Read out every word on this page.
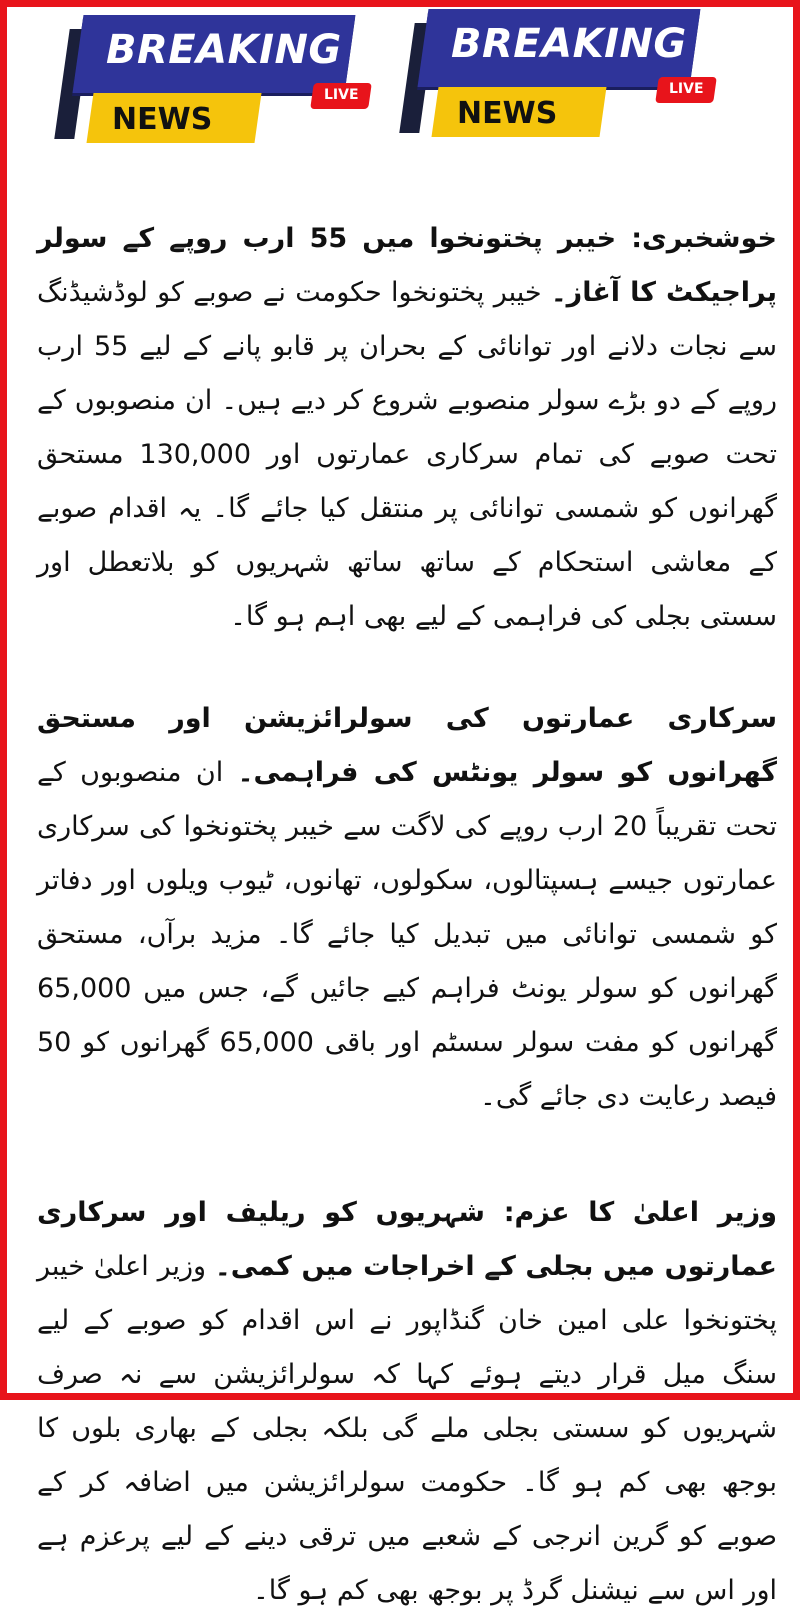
BREAKING
NEWS
LIVE
BREAKING
NEWS
LIVE

خوشخبری: خیبر پختونخوا میں 55 ارب روپے کے سولر پراجیکٹ کا آغاز۔ خیبر پختونخوا حکومت نے صوبے کو لوڈشیڈنگ سے نجات دلانے اور توانائی کے بحران پر قابو پانے کے لیے 55 ارب روپے کے دو بڑے سولر منصوبے شروع کر دیے ہیں۔ ان منصوبوں کے تحت صوبے کی تمام سرکاری عمارتوں اور 130,000 مستحق گھرانوں کو شمسی توانائی پر منتقل کیا جائے گا۔ یہ اقدام صوبے کے معاشی استحکام کے ساتھ ساتھ شہریوں کو بلاتعطل اور سستی بجلی کی فراہمی کے لیے بھی اہم ہو گا۔

سرکاری عمارتوں کی سولرائزیشن اور مستحق گھرانوں کو سولر یونٹس کی فراہمی۔ ان منصوبوں کے تحت تقریباً 20 ارب روپے کی لاگت سے خیبر پختونخوا کی سرکاری عمارتوں جیسے ہسپتالوں، سکولوں، تھانوں، ٹیوب ویلوں اور دفاتر کو شمسی توانائی میں تبدیل کیا جائے گا۔ مزید برآں، مستحق گھرانوں کو سولر یونٹ فراہم کیے جائیں گے، جس میں 65,000 گھرانوں کو مفت سولر سسٹم اور باقی 65,000 گھرانوں کو 50 فیصد رعایت دی جائے گی۔

وزیر اعلیٰ کا عزم: شہریوں کو ریلیف اور سرکاری عمارتوں میں بجلی کے اخراجات میں کمی۔ وزیر اعلیٰ خیبر پختونخوا علی امین خان گنڈاپور نے اس اقدام کو صوبے کے لیے سنگ میل قرار دیتے ہوئے کہا کہ سولرائزیشن سے نہ صرف شہریوں کو سستی بجلی ملے گی بلکہ بجلی کے بھاری بلوں کا بوجھ بھی کم ہو گا۔ حکومت سولرائزیشن میں اضافہ کر کے صوبے کو گرین انرجی کے شعبے میں ترقی دینے کے لیے پرعزم ہے اور اس سے نیشنل گرڈ پر بوجھ بھی کم ہو گا۔
